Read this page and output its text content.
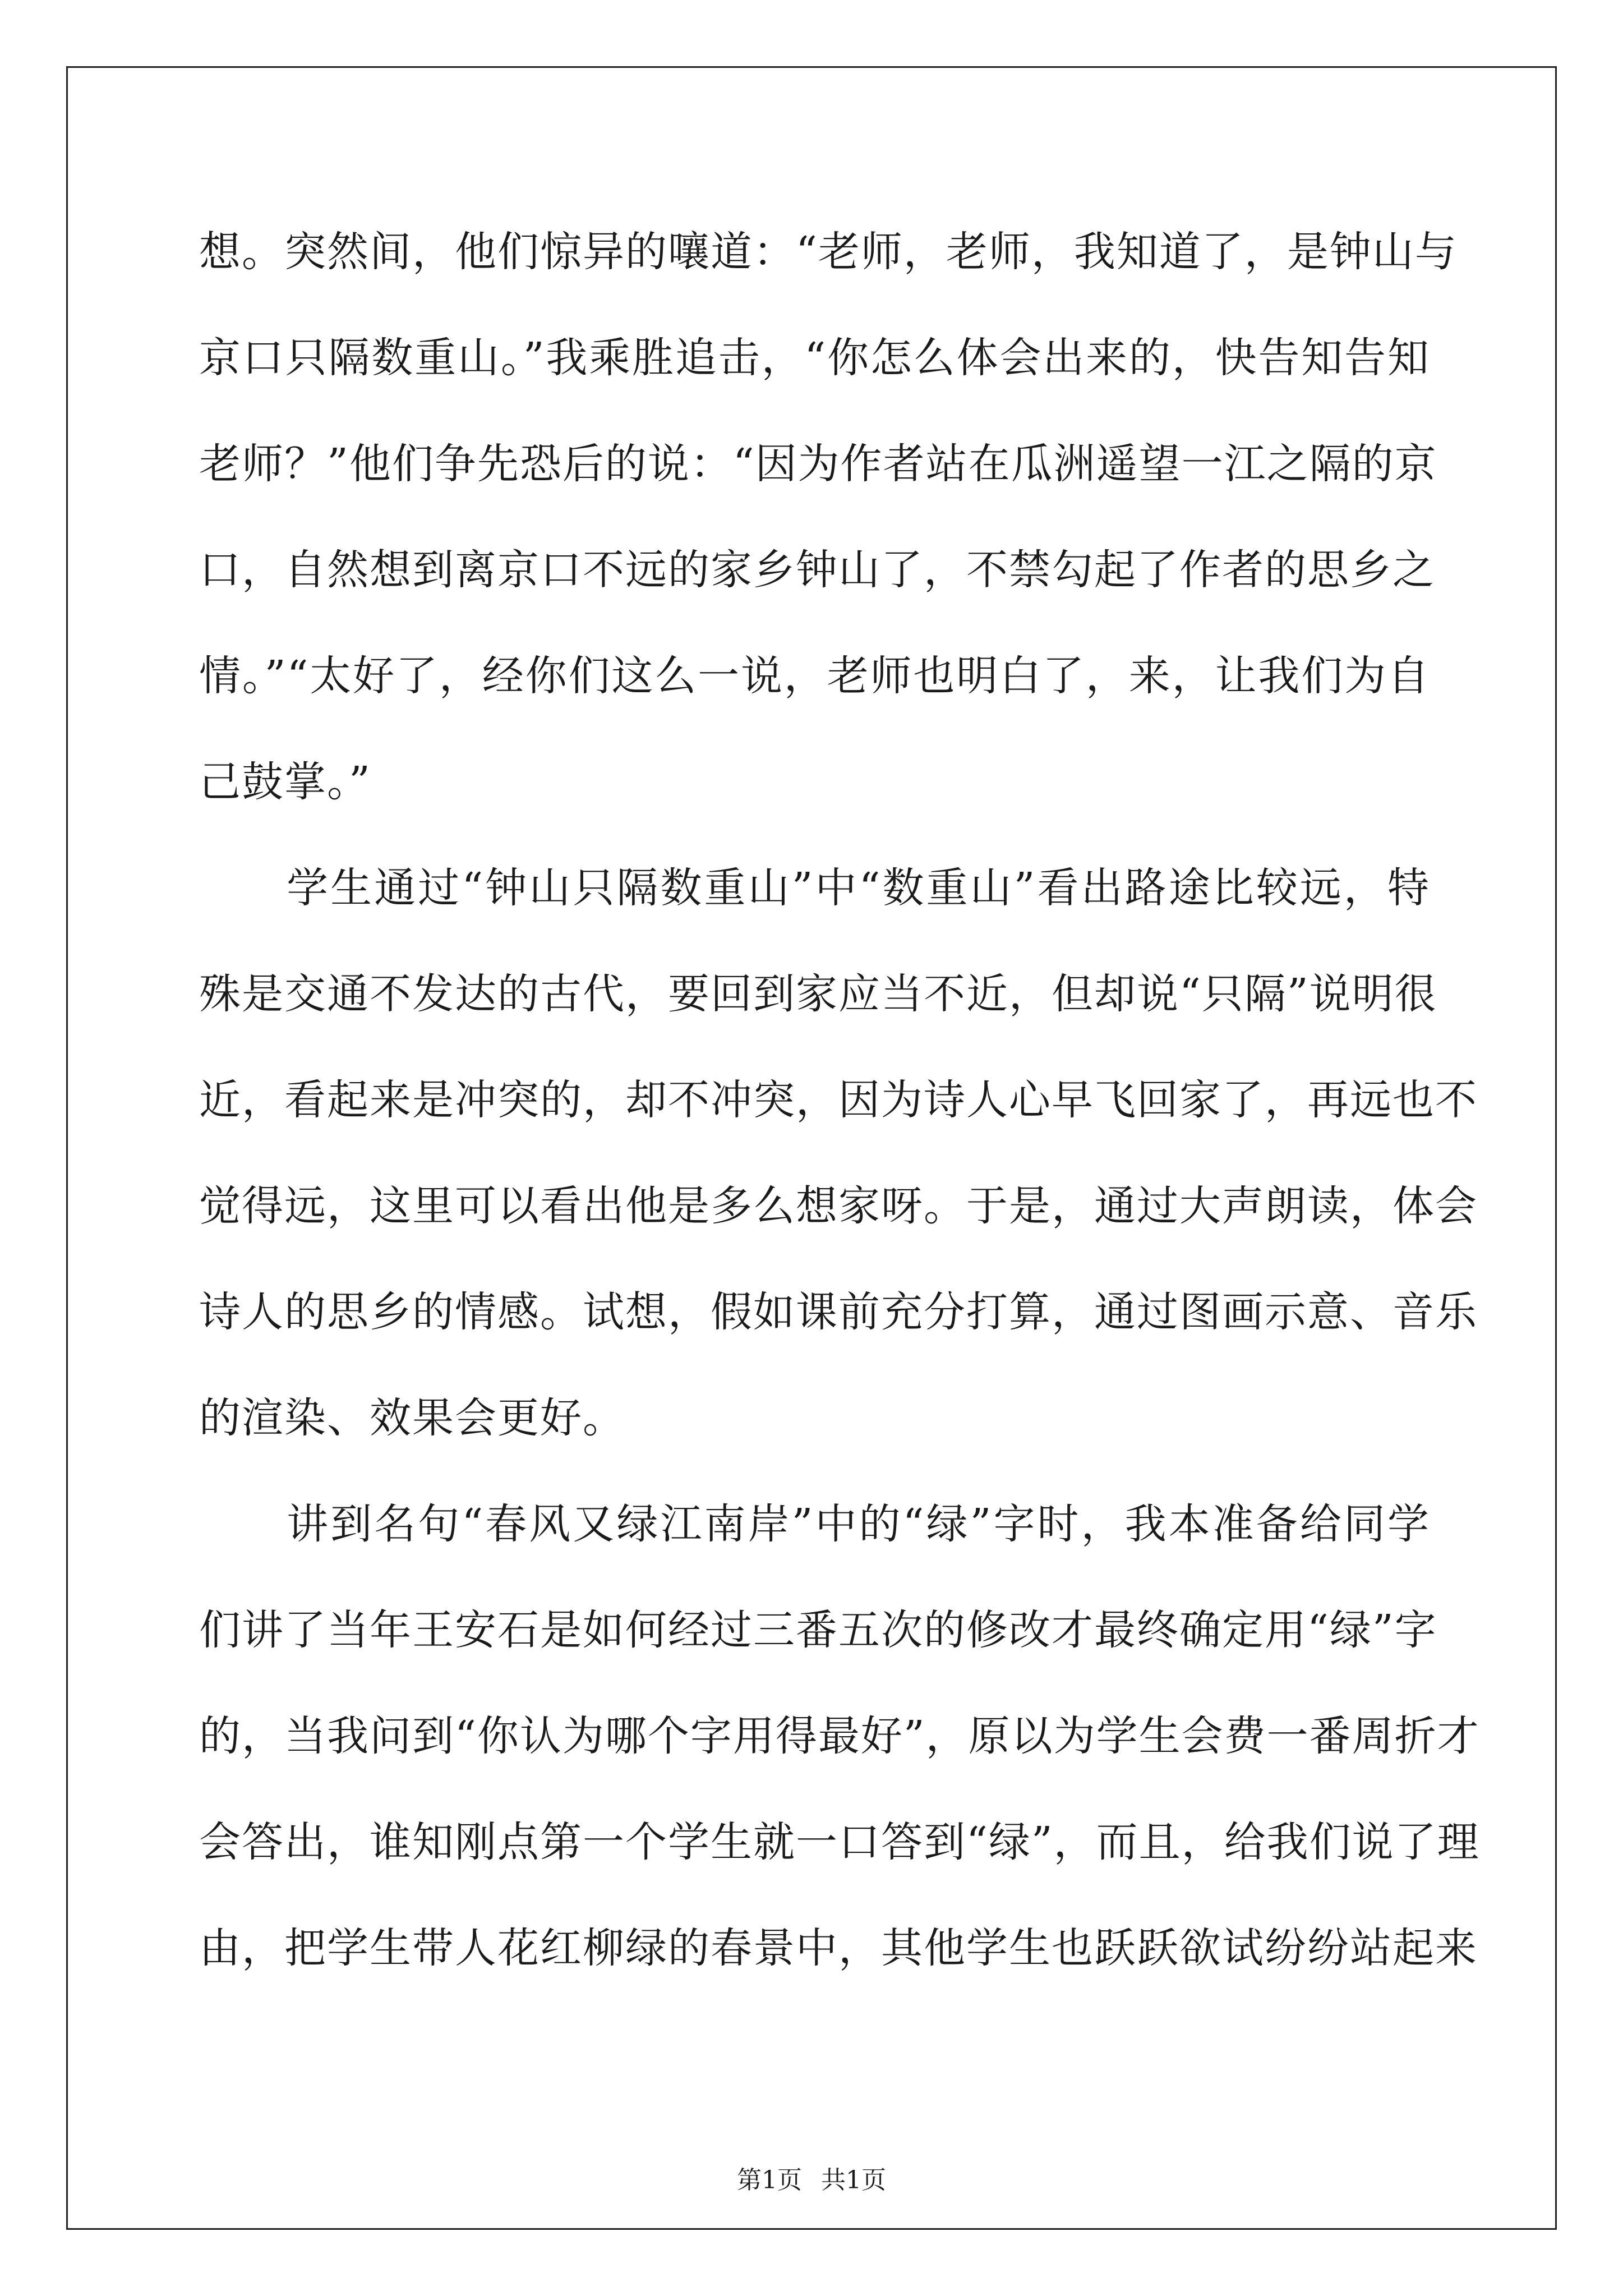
想。突然间，他们惊异的嚷道：“老师，老师，我知道了，是钟山与
京口只隔数重山。”我乘胜追击，“你怎么体会出来的，快告知告知
老师？”他们争先恐后的说：“因为作者站在瓜洲遥望一江之隔的京
口，自然想到离京口不远的家乡钟山了，不禁勾起了作者的思乡之
情。”“太好了，经你们这么一说，老师也明白了，来，让我们为自
己鼓掌。”
　　学生通过“钟山只隔数重山”中“数重山”看出路途比较远，特
殊是交通不发达的古代，要回到家应当不近，但却说“只隔”说明很
近，看起来是冲突的，却不冲突，因为诗人心早飞回家了，再远也不
觉得远，这里可以看出他是多么想家呀。于是，通过大声朗读，体会
诗人的思乡的情感。试想，假如课前充分打算，通过图画示意、音乐
的渲染、效果会更好。
　　讲到名句“春风又绿江南岸”中的“绿”字时，我本准备给同学
们讲了当年王安石是如何经过三番五次的修改才最终确定用“绿”字
的，当我问到“你认为哪个字用得最好”，原以为学生会费一番周折才
会答出，谁知刚点第一个学生就一口答到“绿”，而且，给我们说了理
由，把学生带人花红柳绿的春景中，其他学生也跃跃欲试纷纷站起来
第1页 共1页
